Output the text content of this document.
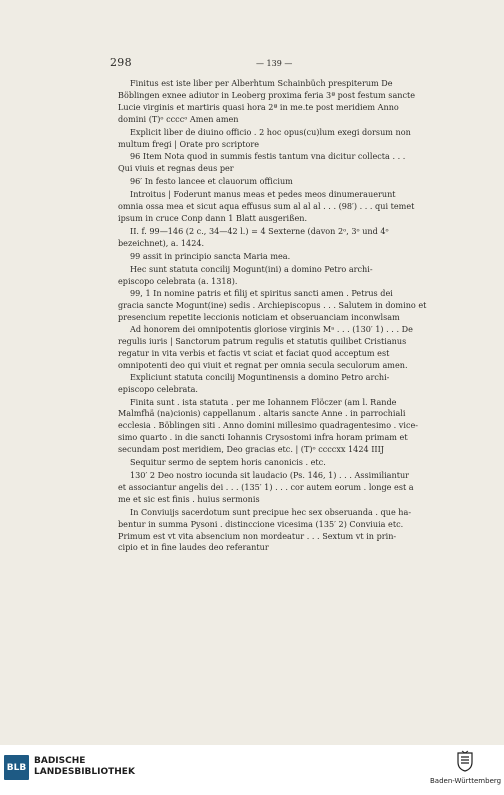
298	— 139 —

Finitus est iste liber per Alberhtum Schainbüch prespiterum De

Böblingen exnee adiutor in Leoberg proxima feria 3ª post festum sancte

Lucie virginis et martiris quasi hora 2ª in me.te post meridiem Anno

domini (T)ᵒ ccccᵒ Amen amen

Explicit liber de diuino officio . 2 hoc opus(cu)lum exegi dorsum non

multum fregi | Orate pro scriptore

96 Item Nota quod in summis festis tantum vna dicitur collecta . . .

Qui viuis et regnas deus per

96′ In festo lancee et clauorum officium

Introitus | Foderunt manus meas et pedes meos dinumerauerunt

omnia ossa mea et sicut aqua effusus sum al al al . . . (98′) . . . qui temet

ipsum in cruce Conp dann 1 Blatt ausgerißen.

II. f. 99—146 (2 c., 34—42 l.) = 4 Sexterne (davon 2ᵒ, 3ᵒ und 4ᵒ

bezeichnet), a. 1424.

99 assit in principio sancta Maria mea.

Hec sunt statuta concilij Mogunt(ini) a domino Petro archi-

episcopo celebrata (a. 1318).

99, 1 In nomine patris et filij et spiritus sancti amen . Petrus dei

gracia sancte Mogunt(ine) sedis . Archiepiscopus . . . Salutem in domino et

presencium repetite leccionis noticiam et obseruanciam inconwlsam

Ad honorem dei omnipotentis gloriose virginis Mᵃ . . . (130′ 1) . . . De

regulis iuris | Sanctorum patrum regulis et statutis quilibet Cristianus

regatur in vita verbis et factis vt sciat et faciat quod acceptum est

omnipotenti deo qui viuit et regnat per omnia secula seculorum amen.

Expliciunt statuta concilij Moguntinensis a domino Petro archi-

episcopo celebrata.

Finita sunt . ista statuta . per me Iohannem Flöczer (am l. Rande

Malmfhä (na)cionis) cappellanum . altaris sancte Anne . in parrochiali

ecclesia . Böblingen siti . Anno domini millesimo quadragentesimo . vice-

simo quarto . in die sancti Iohannis Crysostomi infra horam primam et

secundam post meridiem, Deo gracias etc. | (T)ᵒ ccccxx 1424 IIIJ

Sequitur sermo de septem horis canonicis . etc.

130′ 2 Deo nostro iocunda sit laudacio (Ps. 146, 1) . . . Assimiliantur

et associantur angelis dei . . . (135′ 1) . . . cor autem eorum . longe est a

me et sic est finis . huius sermonis

In Conviuijs sacerdotum sunt precipue hec sex obseruanda . que ha-

bentur in summa Pysoni . distinccione vicesima (135′ 2) Conviuia etc.

Primum est vt vita absencium non mordeatur . . . Sextum vt in prin-

cipio et in fine laudes deo referantur

BLB
BADISCHE
LANDESBIBLIOTHEK
Baden-Württemberg
